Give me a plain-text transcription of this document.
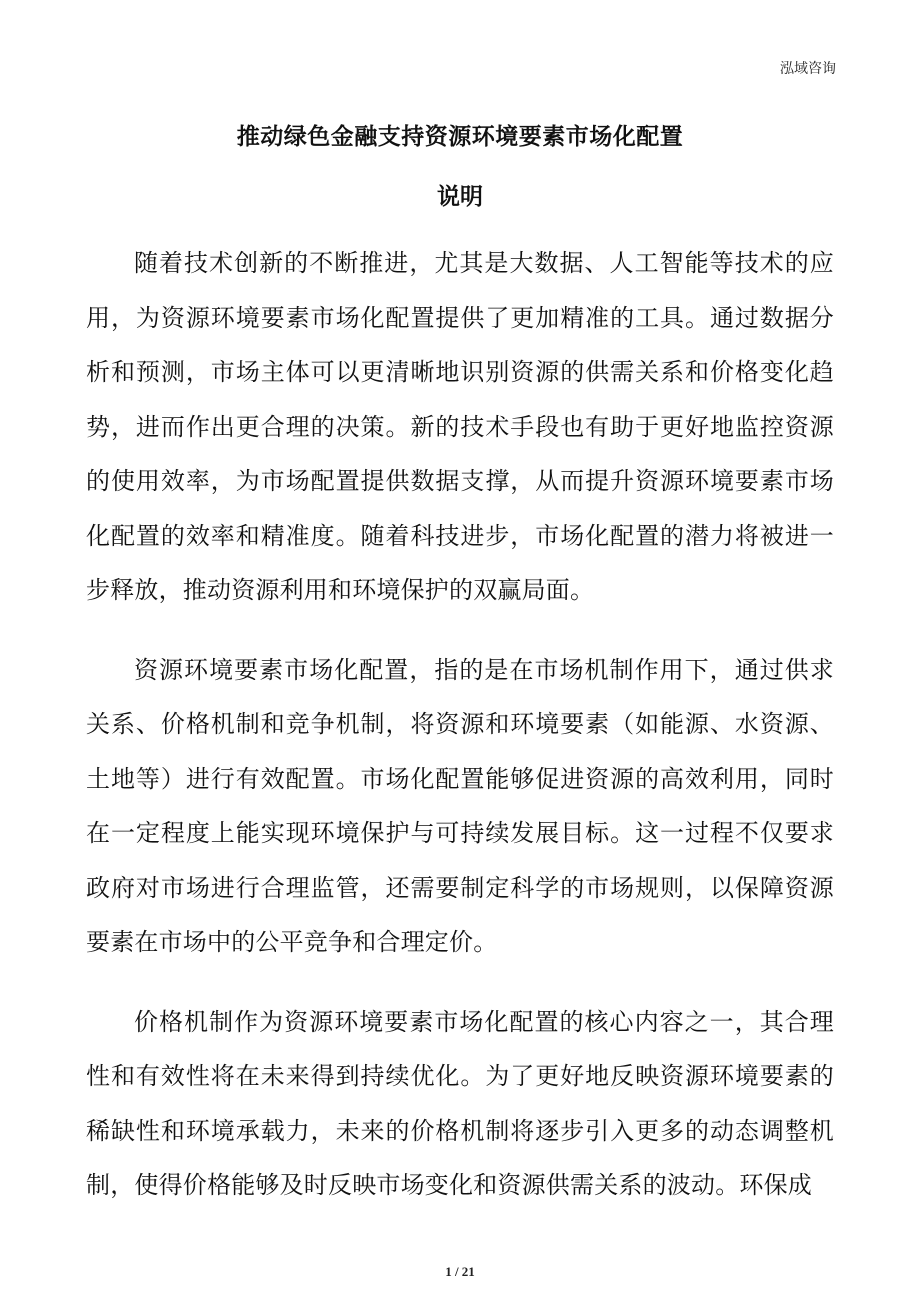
泓域咨询
推动绿色金融支持资源环境要素市场化配置
说明

随着技术创新的不断推进，尤其是大数据、人工智能等技术的应用，为资源环境要素市场化配置提供了更加精准的工具。通过数据分析和预测，市场主体可以更清晰地识别资源的供需关系和价格变化趋势，进而作出更合理的决策。新的技术手段也有助于更好地监控资源的使用效率，为市场配置提供数据支撑，从而提升资源环境要素市场化配置的效率和精准度。随着科技进步，市场化配置的潜力将被进一步释放，推动资源利用和环境保护的双赢局面。

资源环境要素市场化配置，指的是在市场机制作用下，通过供求关系、价格机制和竞争机制，将资源和环境要素（如能源、水资源、土地等）进行有效配置。市场化配置能够促进资源的高效利用，同时在一定程度上能实现环境保护与可持续发展目标。这一过程不仅要求政府对市场进行合理监管，还需要制定科学的市场规则，以保障资源要素在市场中的公平竞争和合理定价。

价格机制作为资源环境要素市场化配置的核心内容之一，其合理性和有效性将在未来得到持续优化。为了更好地反映资源环境要素的稀缺性和环境承载力，未来的价格机制将逐步引入更多的动态调整机制，使得价格能够及时反映市场变化和资源供需关系的波动。环保成

1 / 21
